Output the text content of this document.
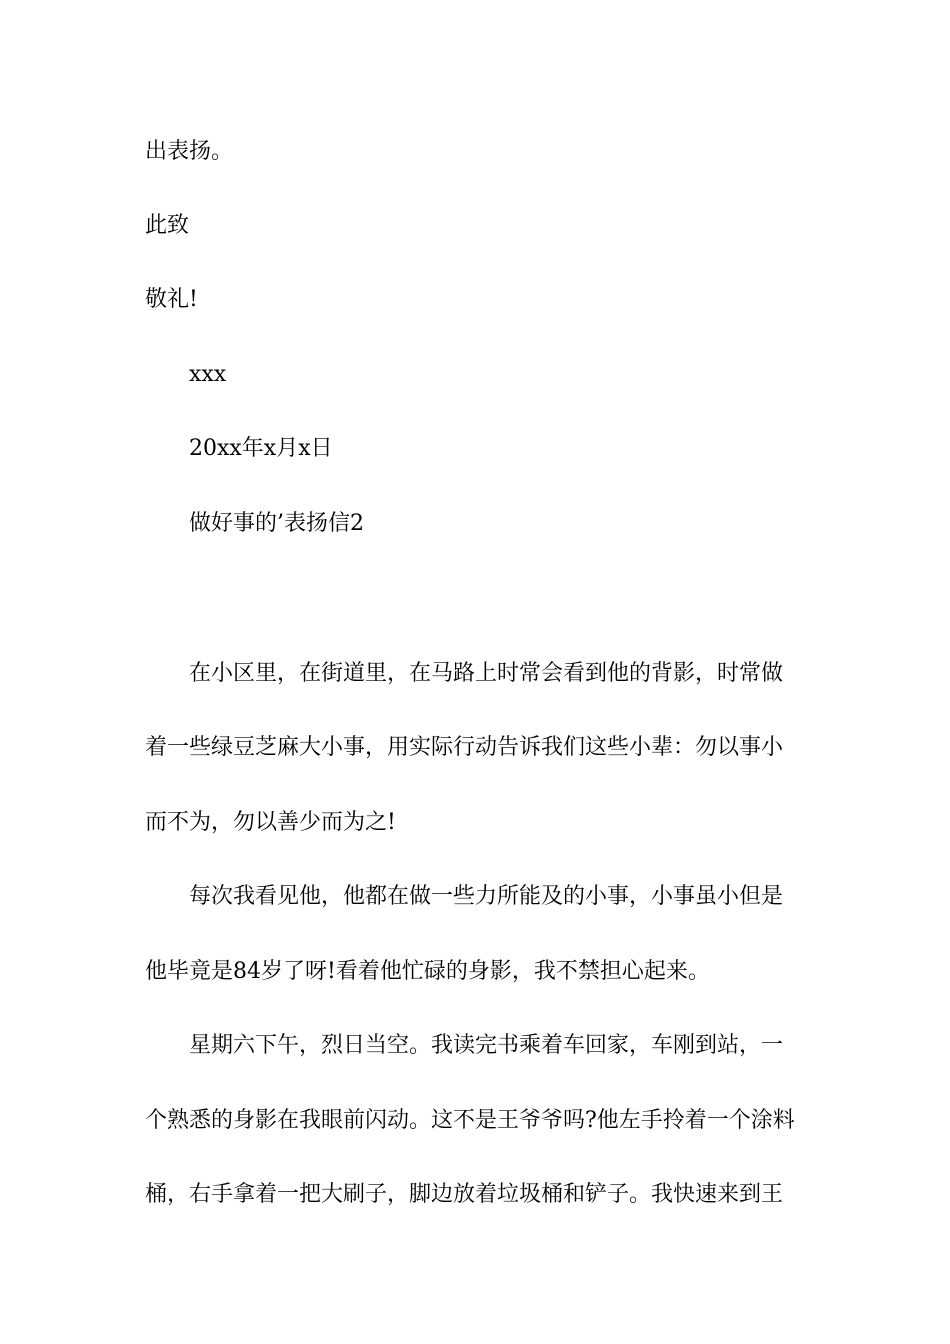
出表扬。
此致
敬礼!
xxx
20xx年x月x日
做好事的’表扬信2
在小区里，在街道里，在马路上时常会看到他的背影，时常做
着一些绿豆芝麻大小事，用实际行动告诉我们这些小辈：勿以事小
而不为，勿以善少而为之!
每次我看见他，他都在做一些力所能及的小事，小事虽小但是
他毕竟是84岁了呀!看着他忙碌的身影，我不禁担心起来。
星期六下午，烈日当空。我读完书乘着车回家，车刚到站，一
个熟悉的身影在我眼前闪动。这不是王爷爷吗?他左手拎着一个涂料
桶，右手拿着一把大刷子，脚边放着垃圾桶和铲子。我快速来到王
